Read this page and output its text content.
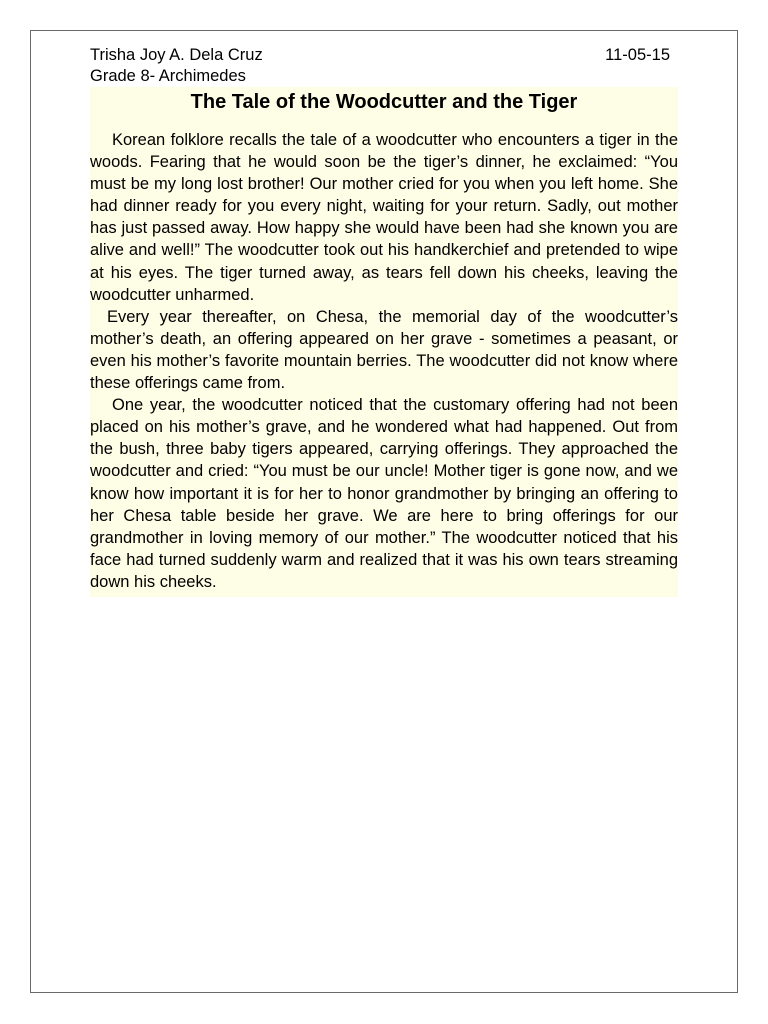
Trisha Joy A. Dela Cruz	11-05-15
Grade 8- Archimedes
The Tale of the Woodcutter and the Tiger

Korean folklore recalls the tale of a woodcutter who encounters a tiger in the woods. Fearing that he would soon be the tiger’s dinner, he exclaimed: “You must be my long lost brother! Our mother cried for you when you left home. She had dinner ready for you every night, waiting for your return. Sadly, out mother has just passed away. How happy she would have been had she known you are alive and well!” The woodcutter took out his handkerchief and pretended to wipe at his eyes. The tiger turned away, as tears fell down his cheeks, leaving the woodcutter unharmed.

Every year thereafter, on Chesa, the memorial day of the woodcutter’s mother’s death, an offering appeared on her grave - sometimes a peasant, or even his mother’s favorite mountain berries. The woodcutter did not know where these offerings came from.

One year, the woodcutter noticed that the customary offering had not been placed on his mother’s grave, and he wondered what had happened. Out from the bush, three baby tigers appeared, carrying offerings. They approached the woodcutter and cried: “You must be our uncle! Mother tiger is gone now, and we know how important it is for her to honor grandmother by bringing an offering to her Chesa table beside her grave. We are here to bring offerings for our grandmother in loving memory of our mother.” The woodcutter noticed that his face had turned suddenly warm and realized that it was his own tears streaming down his cheeks.
